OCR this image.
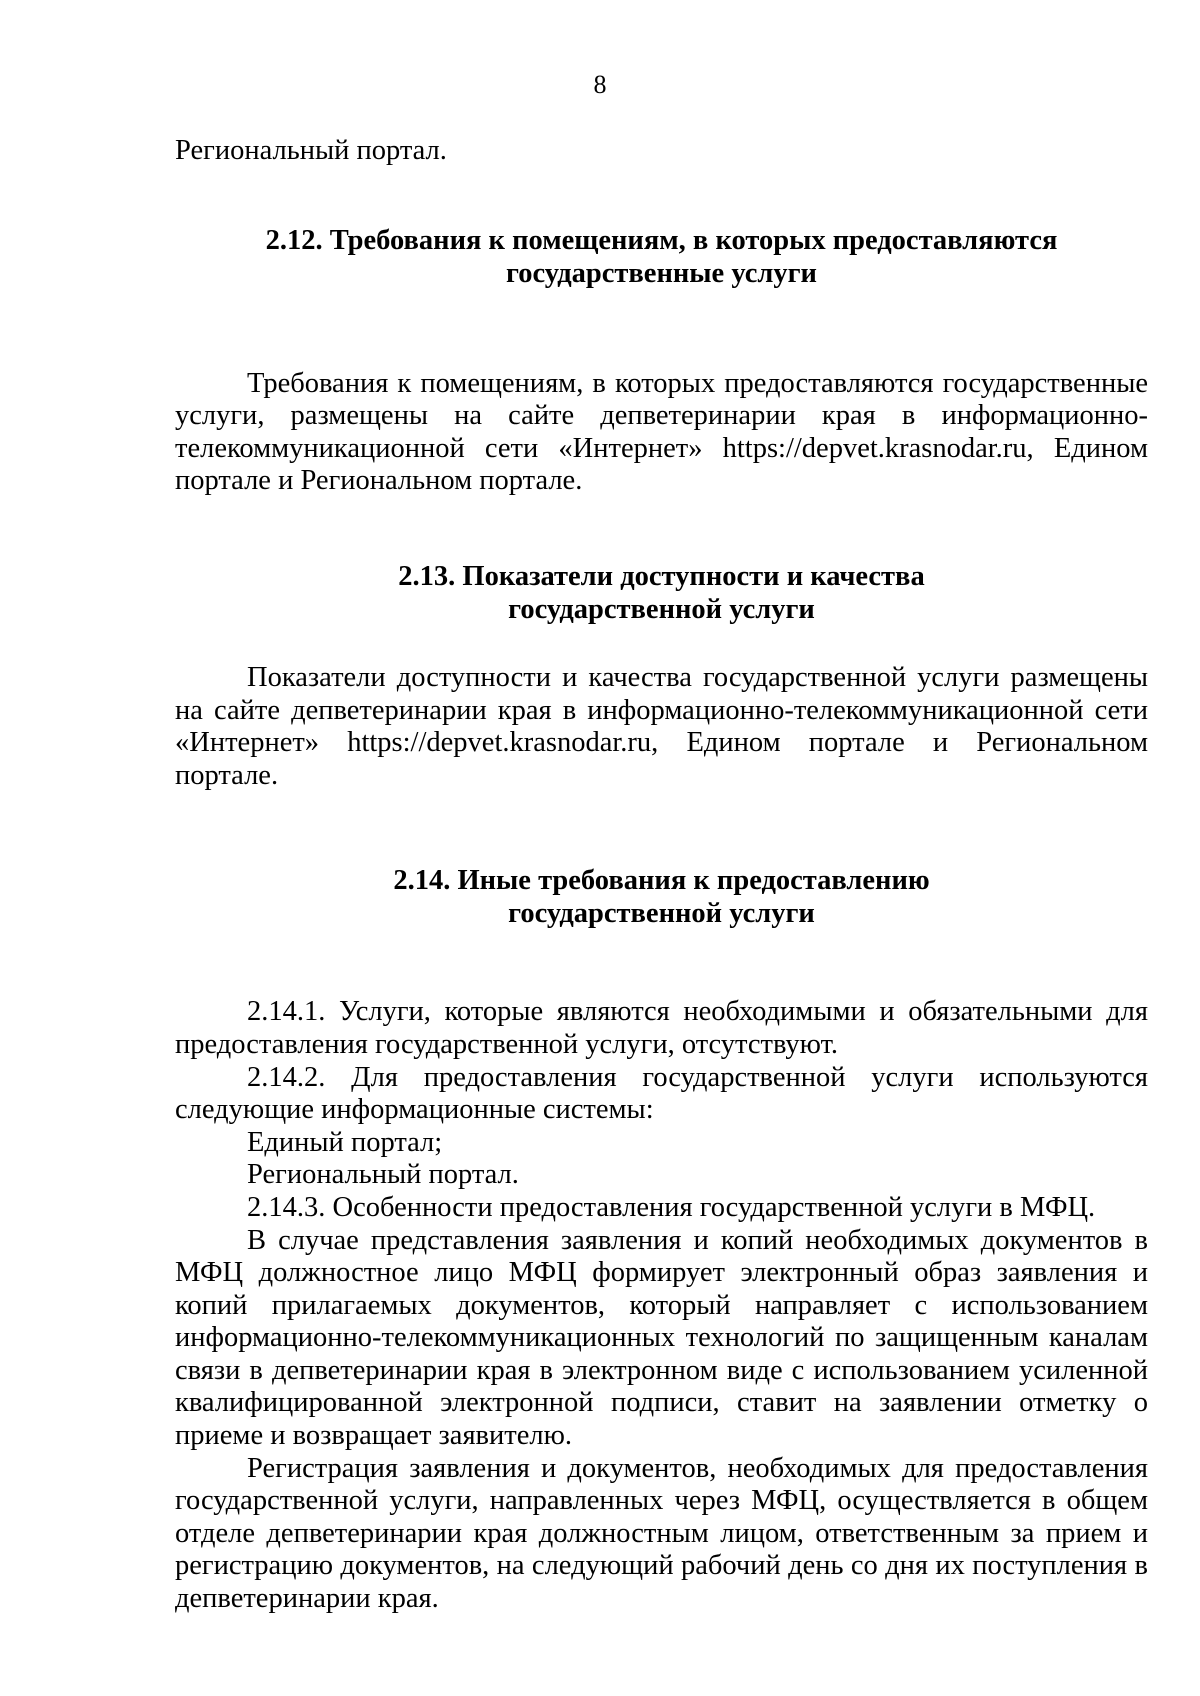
8

Региональный портал.

2.12. Требования к помещениям, в которых предоставляются
государственные услуги

Требования к помещениям, в которых предоставляются государственные услуги, размещены на сайте депветеринарии края в информационно-телекоммуникационной сети «Интернет» https://depvet.krasnodar.ru, Едином портале и Региональном портале.

2.13. Показатели доступности и качества
государственной услуги

Показатели доступности и качества государственной услуги размещены на сайте депветеринарии края в информационно-телекоммуникационной сети «Интернет» https://depvet.krasnodar.ru, Едином портале и Региональном портале.

2.14. Иные требования к предоставлению
государственной услуги

2.14.1. Услуги, которые являются необходимыми и обязательными для предоставления государственной услуги, отсутствуют.

2.14.2. Для предоставления государственной услуги используются следующие информационные системы:

Единый портал;

Региональный портал.

2.14.3. Особенности предоставления государственной услуги в МФЦ.

В случае представления заявления и копий необходимых документов в МФЦ должностное лицо МФЦ формирует электронный образ заявления и копий прилагаемых документов, который направляет с использованием информационно-телекоммуникационных технологий по защищенным каналам связи в депветеринарии края в электронном виде с использованием усиленной квалифицированной электронной подписи, ставит на заявлении отметку о приеме и возвращает заявителю.

Регистрация заявления и документов, необходимых для предоставления государственной услуги, направленных через МФЦ, осуществляется в общем отделе депветеринарии края должностным лицом, ответственным за прием и регистрацию документов, на следующий рабочий день со дня их поступления в депветеринарии края.
